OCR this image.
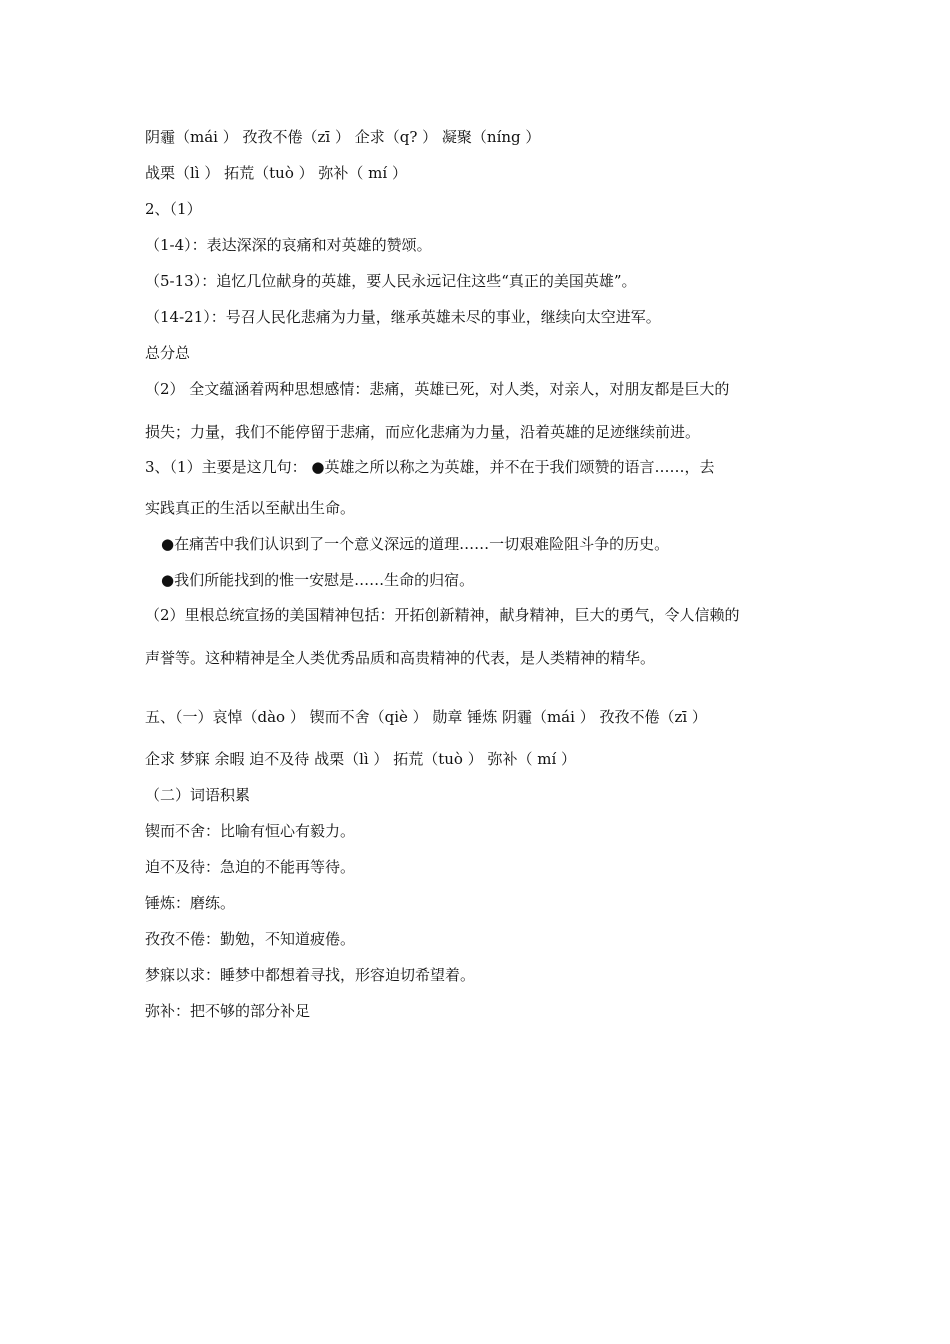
阴霾（mái ） 孜孜不倦（zī ） 企求（q? ） 凝聚（níng ）
战栗（lì ） 拓荒（tuò ） 弥补（ mí ）
2、（1）
（1-4）：表达深深的哀痛和对英雄的赞颂。
（5-13）：追忆几位献身的英雄，要人民永远记住这些“真正的美国英雄”。
（14-21）：号召人民化悲痛为力量，继承英雄未尽的事业，继续向太空进军。
总分总
（2） 全文蕴涵着两种思想感情：悲痛，英雄已死，对人类，对亲人，对朋友都是巨大的
损失；力量，我们不能停留于悲痛，而应化悲痛为力量，沿着英雄的足迹继续前进。
3、（1）主要是这几句： ●英雄之所以称之为英雄，并不在于我们颂赞的语言……，去
实践真正的生活以至献出生命。
●在痛苦中我们认识到了一个意义深远的道理……一切艰难险阻斗争的历史。
●我们所能找到的惟一安慰是……生命的归宿。
（2）里根总统宣扬的美国精神包括：开拓创新精神，献身精神，巨大的勇气，令人信赖的
声誉等。这种精神是全人类优秀品质和高贵精神的代表，是人类精神的精华。
五、（一）哀悼（dào ） 锲而不舍（qiè ） 勋章 锤炼 阴霾（mái ） 孜孜不倦（zī ）
企求 梦寐 余暇 迫不及待 战栗（lì ） 拓荒（tuò ） 弥补（ mí ）
（二）词语积累
锲而不舍：比喻有恒心有毅力。
迫不及待：急迫的不能再等待。
锤炼：磨练。
孜孜不倦：勤勉，不知道疲倦。
梦寐以求：睡梦中都想着寻找，形容迫切希望着。
弥补：把不够的部分补足
